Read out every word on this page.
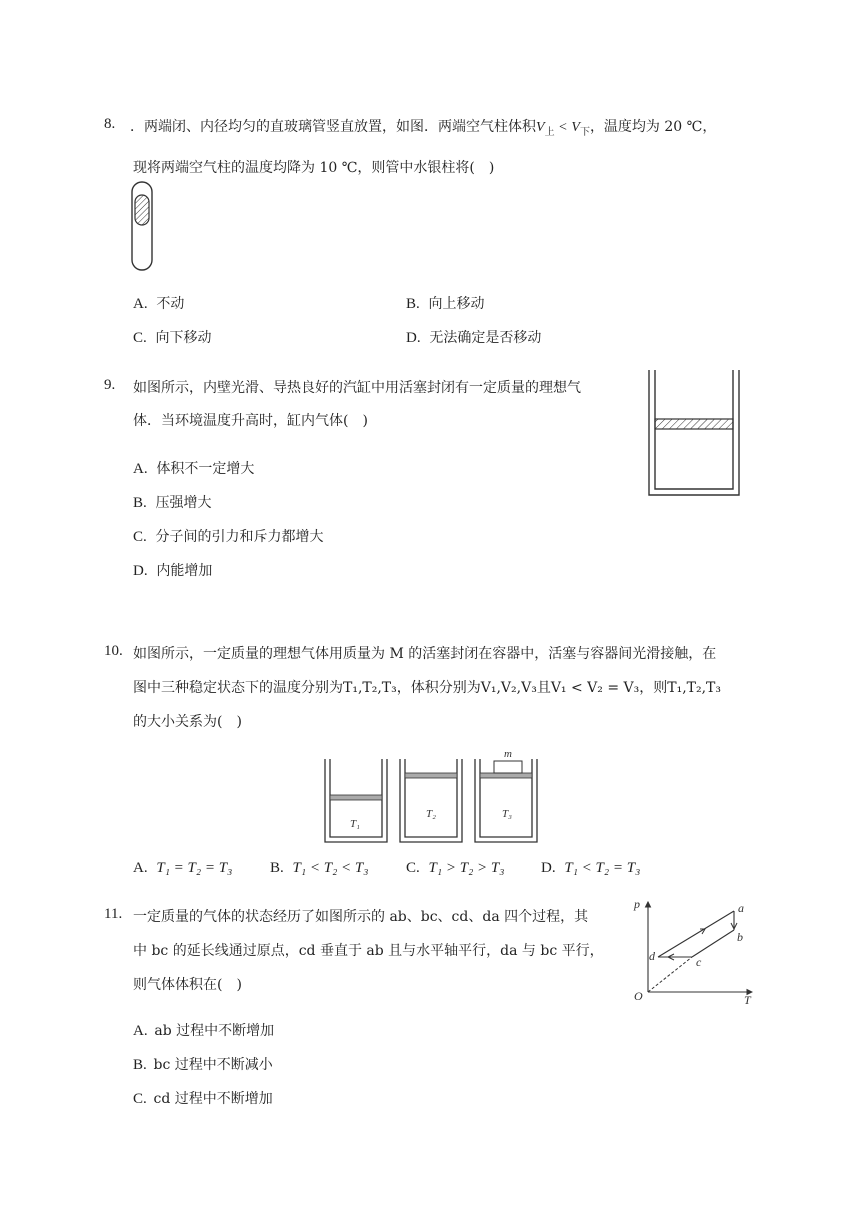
8. ．两端闭、内径均匀的直玻璃管竖直放置，如图．两端空气柱体积$V_上 < V_下$，温度均为 20 ℃，
现将两端空气柱的温度均降为 10 ℃，则管中水银柱将(　)
A. 不动	B. 向上移动
C. 向下移动	D. 无法确定是否移动
9. 如图所示，内壁光滑、导热良好的汽缸中用活塞封闭有一定质量的理想气
体．当环境温度升高时，缸内气体(　)
A. 体积不一定增大
B. 压强增大
C. 分子间的引力和斥力都增大
D. 内能增加
10. 如图所示，一定质量的理想气体用质量为 M 的活塞封闭在容器中，活塞与容器间光滑接触，在
图中三种稳定状态下的温度分别为T₁,T₂,T₃，体积分别为V₁,V₂,V₃且V₁ < V₂ = V₃，则T₁,T₂,T₃
的大小关系为(　)
T₁
T₂
m
T₃
A. T₁ = T₂ = T₃	B. T₁ < T₂ < T₃	C. T₁ > T₂ > T₃ D. T₁ < T₂ = T₃
11. 一定质量的气体的状态经历了如图所示的 ab、bc、cd、da 四个过程，其
中 bc 的延长线通过原点，cd 垂直于 ab 且与水平轴平行，da 与 bc 平行，
则气体体积在(　)
p
T
O
a
b
c
d
A. ab 过程中不断增加
B. bc 过程中不断减小
C. cd 过程中不断增加
